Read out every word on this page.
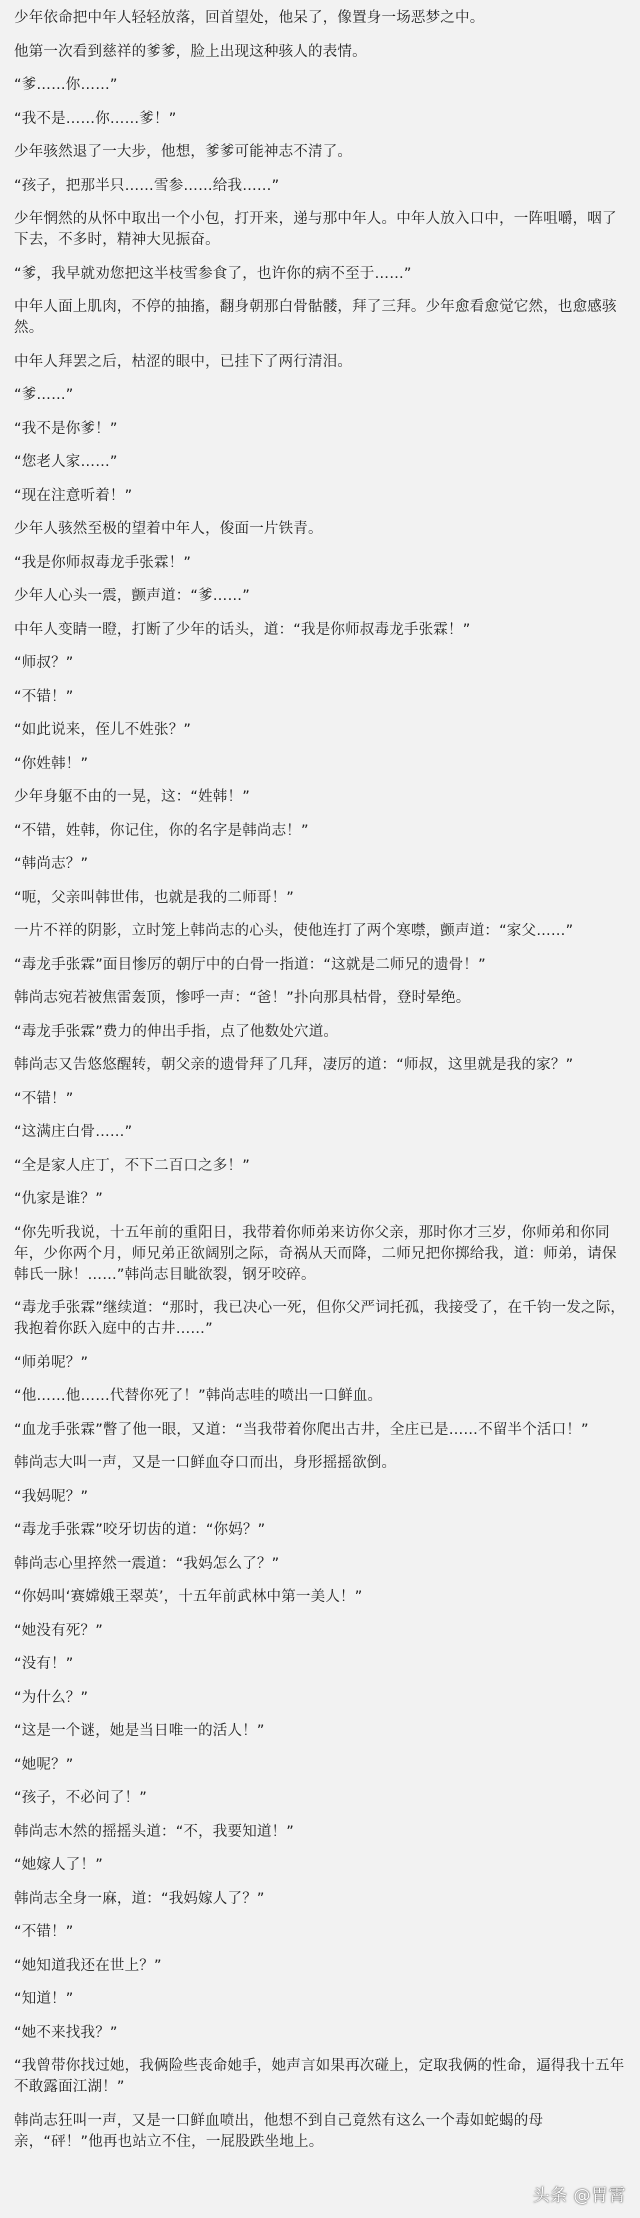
少年依命把中年人轻轻放落，回首望处，他呆了，像置身一场恶梦之中。

他第一次看到慈祥的爹爹，脸上出现这种骇人的表情。

“爹……你……”

“我不是……你……爹！”

少年骇然退了一大步，他想，爹爹可能神志不清了。

“孩子，把那半只……雪参……给我……”

少年惘然的从怀中取出一个小包，打开来，递与那中年人。中年人放入口中，一阵咀嚼，咽了下去，不多时，精神大见振奋。

“爹，我早就劝您把这半枝雪参食了，也许你的病不至于……”

中年人面上肌肉，不停的抽搐，翻身朝那白骨骷髅，拜了三拜。少年愈看愈觉它然，也愈感骇然。

中年人拜罢之后，枯涩的眼中，已挂下了两行清泪。

“爹……”

“我不是你爹！”

“您老人家……”

“现在注意听着！”

少年人骇然至极的望着中年人，俊面一片铁青。

“我是你师叔毒龙手张霖！”

少年人心头一震，颤声道：“爹……”

中年人变睛一瞪，打断了少年的话头，道：“我是你师叔毒龙手张霖！”

“师叔？”

“不错！”

“如此说来，侄儿不姓张？”

“你姓韩！”

少年身躯不由的一晃，这：“姓韩！”

“不错，姓韩，你记住，你的名字是韩尚志！”

“韩尚志？”

“呃，父亲叫韩世伟，也就是我的二师哥！”

一片不祥的阴影，立时笼上韩尚志的心头，使他连打了两个寒噤，颤声道：“家父……”

“毒龙手张霖”面目惨厉的朝厅中的白骨一指道：“这就是二师兄的遗骨！”

韩尚志宛若被焦雷轰顶，惨呼一声：“爸！”扑向那具枯骨，登时晕绝。

“毒龙手张霖”费力的伸出手指，点了他数处穴道。

韩尚志又告悠悠醒转，朝父亲的遗骨拜了几拜，凄厉的道：“师叔，这里就是我的家？”

“不错！”

“这满庄白骨……”

“全是家人庄丁，不下二百口之多！”

“仇家是谁？”

“你先听我说，十五年前的重阳日，我带着你师弟来访你父亲，那时你才三岁，你师弟和你同年，少你两个月，师兄弟正欲阔别之际，奇祸从天而降，二师兄把你掷给我，道：师弟，请保韩氏一脉！……”韩尚志目眦欲裂，钢牙咬碎。

“毒龙手张霖”继续道：“那时，我已决心一死，但你父严词托孤，我接受了，在千钧一发之际，我抱着你跃入庭中的古井……”

“师弟呢？”

“他……他……代替你死了！”韩尚志哇的喷出一口鲜血。

“血龙手张霖”瞥了他一眼，又道：“当我带着你爬出古井，全庄已是……不留半个活口！”

韩尚志大叫一声，又是一口鲜血夺口而出，身形摇摇欲倒。

“我妈呢？”

“毒龙手张霖”咬牙切齿的道：“你妈？”

韩尚志心里捽然一震道：“我妈怎么了？”

“你妈叫‘赛嫦娥王翠英’，十五年前武林中第一美人！”

“她没有死？”

“没有！”

“为什么？”

“这是一个谜，她是当日唯一的活人！”

“她呢？”

“孩子，不必问了！”

韩尚志木然的摇摇头道：“不，我要知道！”

“她嫁人了！”

韩尚志全身一麻，道：“我妈嫁人了？”

“不错！”

“她知道我还在世上？”

“知道！”

“她不来找我？”

“我曾带你找过她，我俩险些丧命她手，她声言如果再次碰上，定取我俩的性命，逼得我十五年不敢露面江湖！”

韩尚志狂叫一声，又是一口鲜血喷出，他想不到自己竟然有这么一个毒如蛇蝎的母亲，“砰！”他再也站立不住，一屁股跌坐地上。

头条 @胃霄
